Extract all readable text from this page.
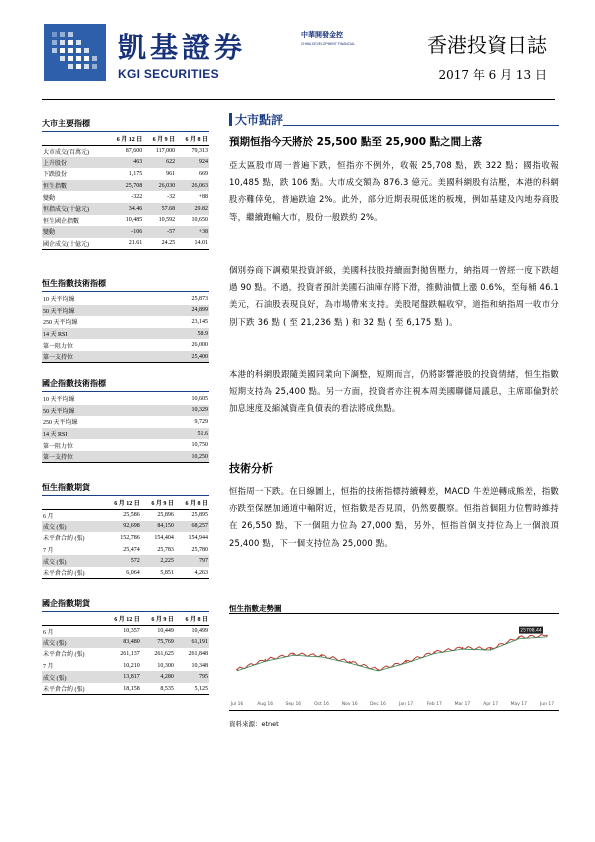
凱基證券
KGI SECURITIES
中華開發金控
CHINA DEVELOPMENT FINANCIAL	香港投資日誌
2017 年 6 月 13 日
大市主要指標
	6 月 12 日	6 月 9 日	6 月 8 日
大市成交(百萬元)	87,600	117,000	79,313
上升股份	463	622	924
下跌股份	1,175	961	669
恒生指數	25,708	26,030	26,063
變動	-322	-32	+88
恒指成交(十億元)	34.46	57.68	29.82
恒生國企指數	10,485	10,592	10,650
變動	-106	-57	+38
國企成交(十億元)	21.61	24.25	14.01
恒生指數技術指標
10 天平均線	25,873
50 天平均線	24,899
250 天平均線	23,145
14 天 RSI	58.9
第一阻力位	26,000
第一支持位	25,400
國企指數技術指標
10 天平均線	10,605
50 天平均線	10,329
250 天平均線	9,729
14 天 RSI	51.6
第一阻力位	10,750
第一支持位	10,250
恒生指數期貨
	6 月 12 日	6 月 9 日	6 月 8 日
6 月	25,586	25,896	25,895
成交 (張)	92,698	84,150	68,257
未平倉合約 (張)	152,786	154,404	154,944
7 月	25,474	25,783	25,780
成交 (張)	572	2,225	797
未平倉合約 (張)	6,064	5,851	4,263
國企指數期貨
	6 月 12 日	6 月 9 日	6 月 8 日
6 月	10,357	10,449	10,499
成交 (張)	83,480	75,769	61,191
未平倉合約 (張)	261,137	261,625	261,848
7 月	10,210	10,300	10,348
成交 (張)	13,817	4,280	795
未平倉合約 (張)	18,158	8,535	5,125
大市點評
預期恒指今天將於 25,500 點至 25,900 點之間上落
亞太區股市周一普遍下跌，恒指亦不例外，收報 25,708 點，跌 322 點；國指收報 10,485 點，跌 106 點。大市成交額為 876.3 億元。美國科網股有沽壓，本港的科網股亦難倖免，普遍跌逾 2%。此外，部分近期表現低迷的板塊，例如基建及內地券商股等，繼續跑輸大市，股份一般跌約 2%。
個別券商下調蘋果投資評級，美國科技股持續面對拋售壓力，納指周一曾經一度下跌超過 90 點。不過，投資者預計美國石油庫存將下滑，推動油價上漲 0.6%，至每桶 46.1 美元，石油股表現良好，為市場帶來支持。美股尾盤跌幅收窄，道指和納指周一收市分別下跌 36 點 ( 至 21,236 點 ) 和 32 點 ( 至 6,175 點 )。
本港的科網股跟隨美國同業向下調整，短期而言，仍將影響港股的投資情緒，恒生指數短期支持為 25,400 點。另一方面，投資者亦注視本周美國聯儲局議息，主席耶倫對於加息速度及縮減資產負債表的看法將成焦點。
技術分析
恒指周一下跌。在日線圖上，恒指的技術指標持續轉差，MACD 牛差逆轉成熊差，指數亦跌至保歷加通道中軸附近，恒指數是否見頂，仍然要觀察。恒指首個阻力位暫時維持在 26,550 點，下一個阻力位為 27,000 點，另外，恒指首個支持位為上一個浪頂 25,400 點，下一個支持位為 25,000 點。
恒生指數走勢圖
Jul 16	Aug 16	Sep 16	Oct 16	Nov 16	Dec 16	Jan 17	Feb 17	Mar 17	Apr 17	May 17	Jun 17
25708.44
資料來源：etnet
